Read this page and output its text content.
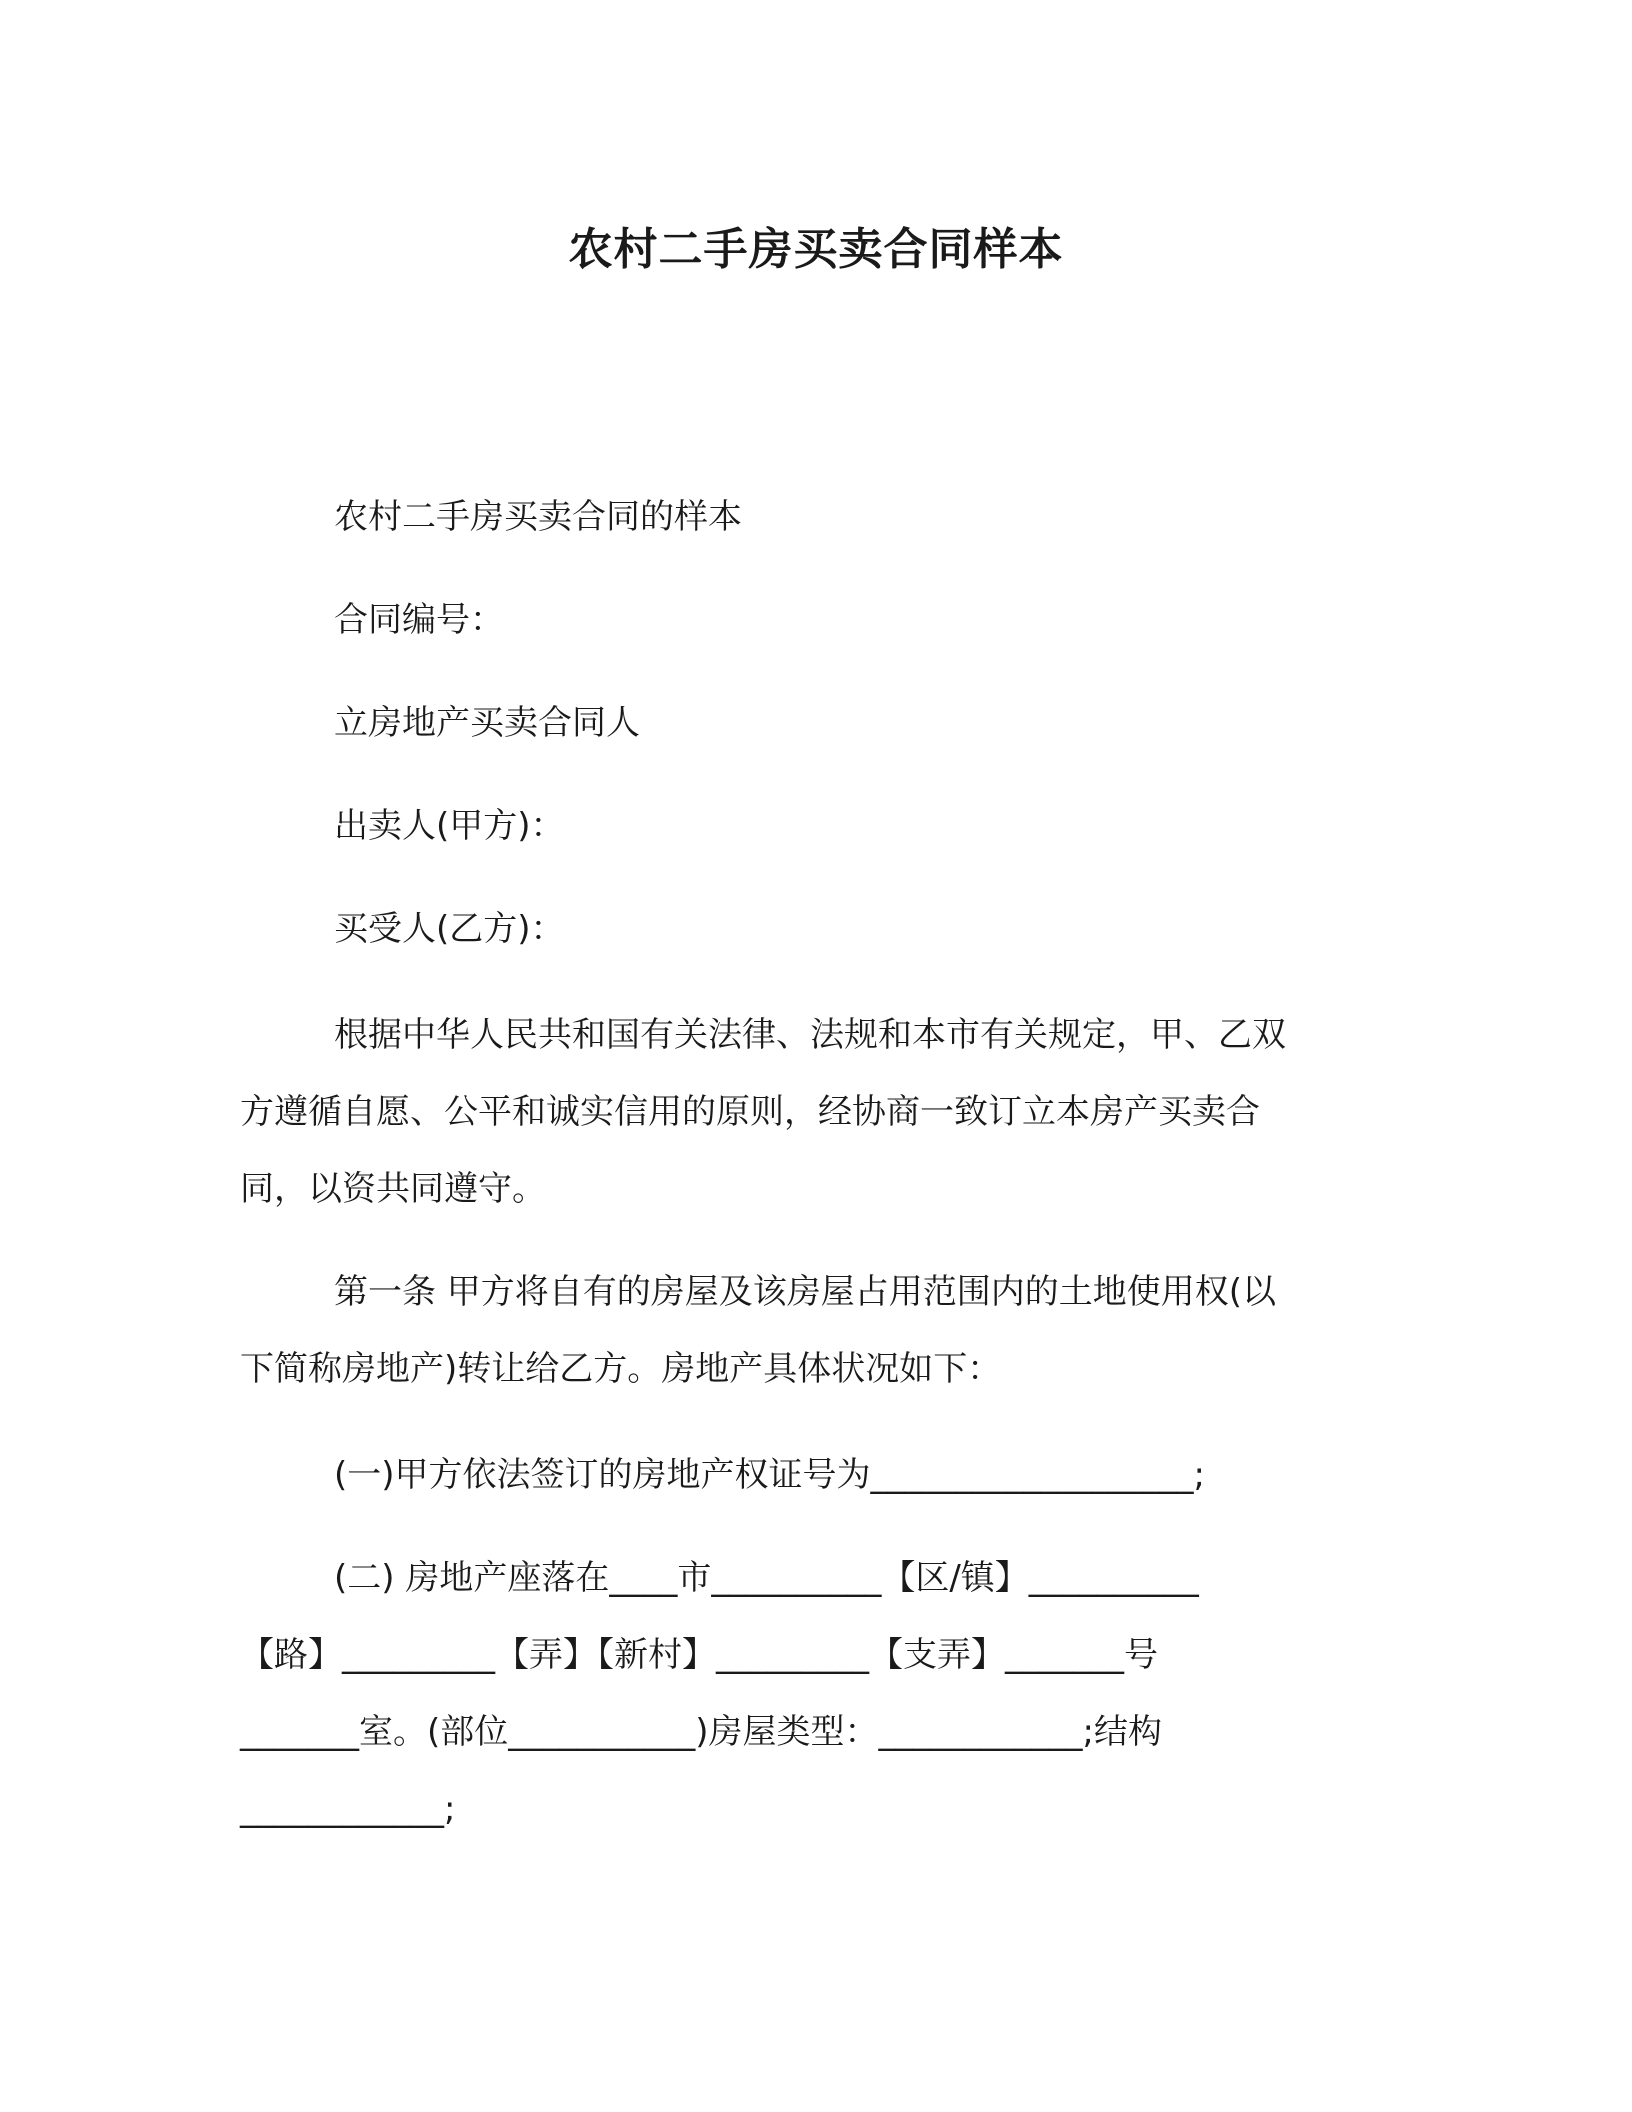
农村二手房买卖合同样本
农村二手房买卖合同的样本
合同编号：
立房地产买卖合同人
出卖人(甲方)：
买受人(乙方)：
根据中华人民共和国有关法律、法规和本市有关规定，甲、乙双
方遵循自愿、公平和诚实信用的原则，经协商一致订立本房产买卖合
同，以资共同遵守。
第一条 甲方将自有的房屋及该房屋占用范围内的土地使用权(以
下简称房地产)转让给乙方。房地产具体状况如下：
(一)甲方依法签订的房地产权证号为___________________;
(二) 房地产座落在____市__________【区/镇】__________
【路】_________【弄】【新村】_________【支弄】_______号
_______室。(部位___________)房屋类型：____________;结构
____________;
